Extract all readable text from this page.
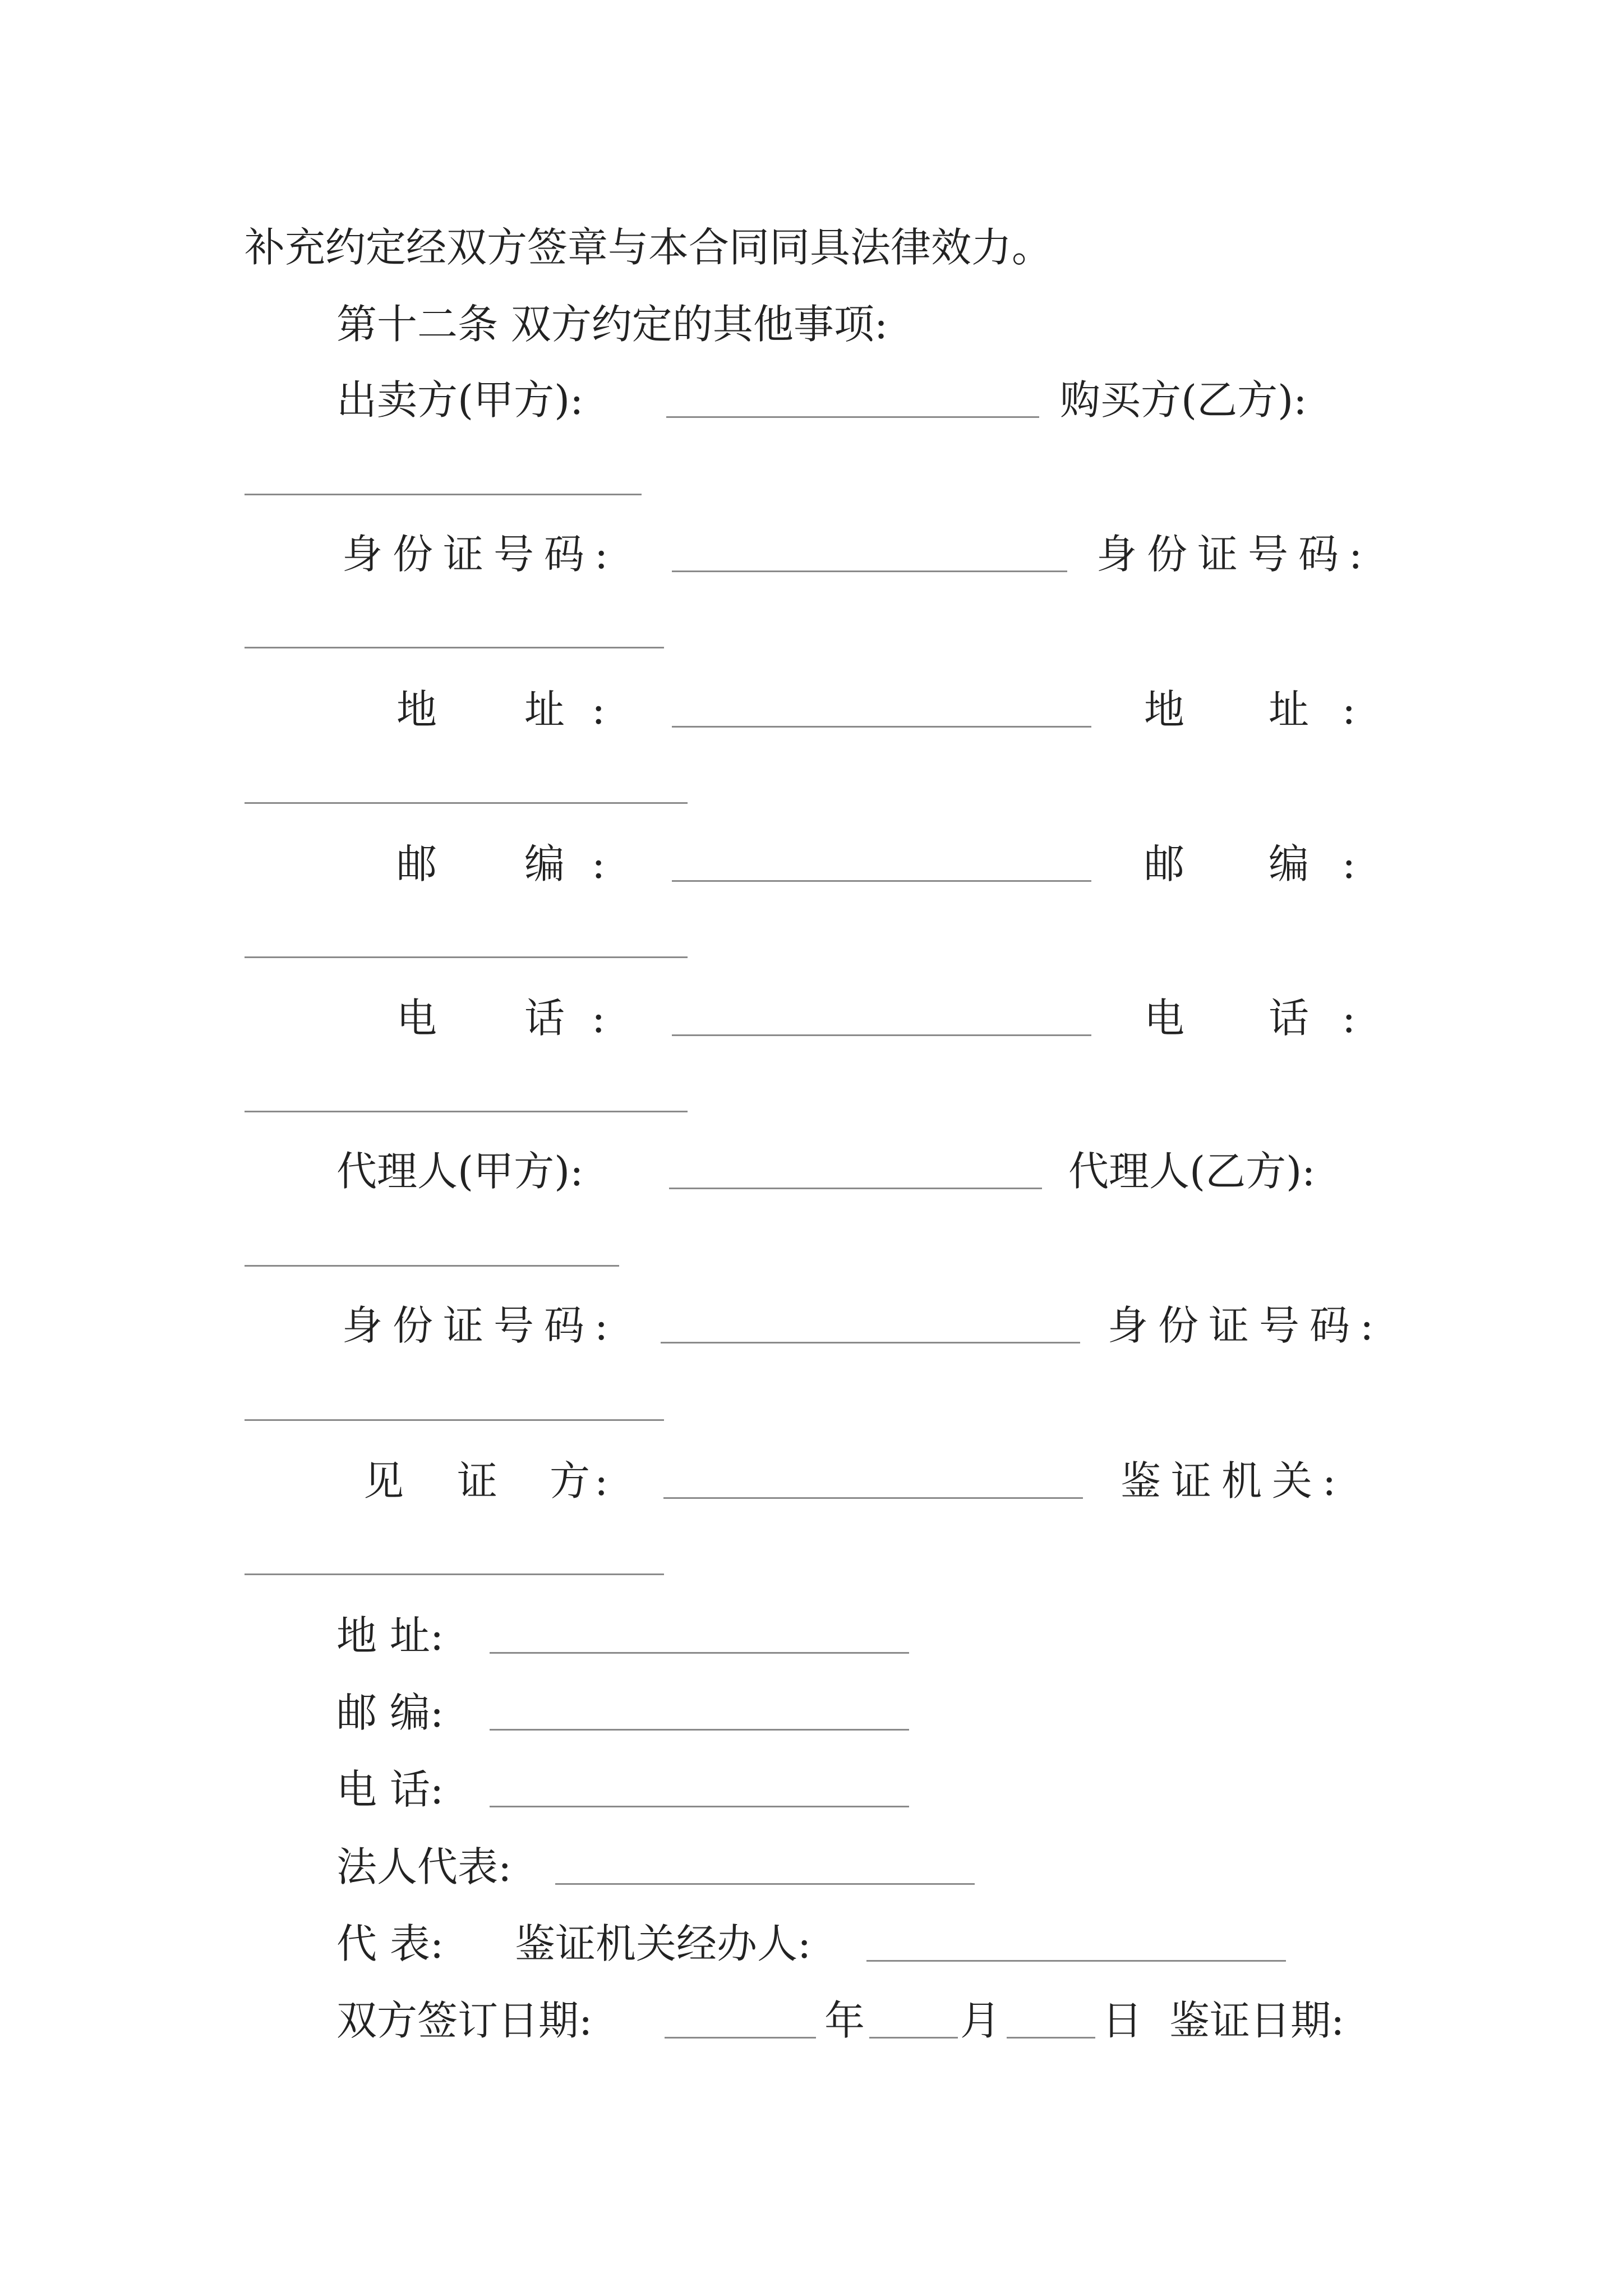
补充约定经双方签章与本合同同具法律效力。
第十二条 双方约定的其他事项:
出卖方(甲方):	购买方(乙方):
身份证号码:	身份证号码:
地 址 :	地 址 :
邮 编 :	邮 编 :
电 话 :	电 话 :
代理人(甲方):	代理人(乙方):
身份证号码:	身份证号码:
见 证 方 :	鉴证机关:
地 址:
邮 编:
电 话:
法人代表:
代 表: 鉴证机关经办人:
双方签订日期:	年 月	日 鉴证日期:
